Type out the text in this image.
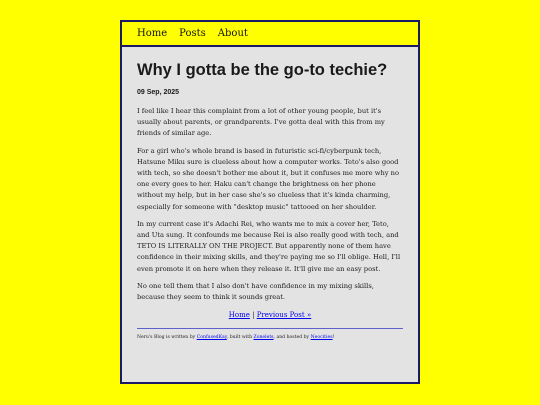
Home Posts About
Why I gotta be the go-to techie?
09 Sep, 2025

I feel like I hear this complaint from a lot of other young people, but it's usually about parents, or grandparents. I've gotta deal with this from my friends of similar age.

For a girl who's whole brand is based in futuristic sci-fi/cyberpunk tech, Hatsune Miku sure is clueless about how a computer works. Teto's also good with tech, so she doesn't bother me about it, but it confuses me more why no one every goes to her. Haku can't change the brightness on her phone without my help, but in her case she's so clueless that it's kinda charming, especially for someone with "desktop music" tattooed on her shoulder.

In my current case it's Adachi Rei, who wants me to mix a cover her, Teto, and Uta sung. It confounds me because Rei is also really good with tech, and TETO IS LITERALLY ON THE PROJECT. But apparently none of them have confidence in their mixing skills, and they're paying me so I'll oblige. Hell, I'll even promote it on here when they release it. It'll give me an easy post.

No one tell them that I also don't have confidence in my mixing skills, because they seem to think it sounds great.

Home | Previous Post »
Neru's Blog is written by ConfusedKay, built with Zonelets, and hosted by Neocities!
